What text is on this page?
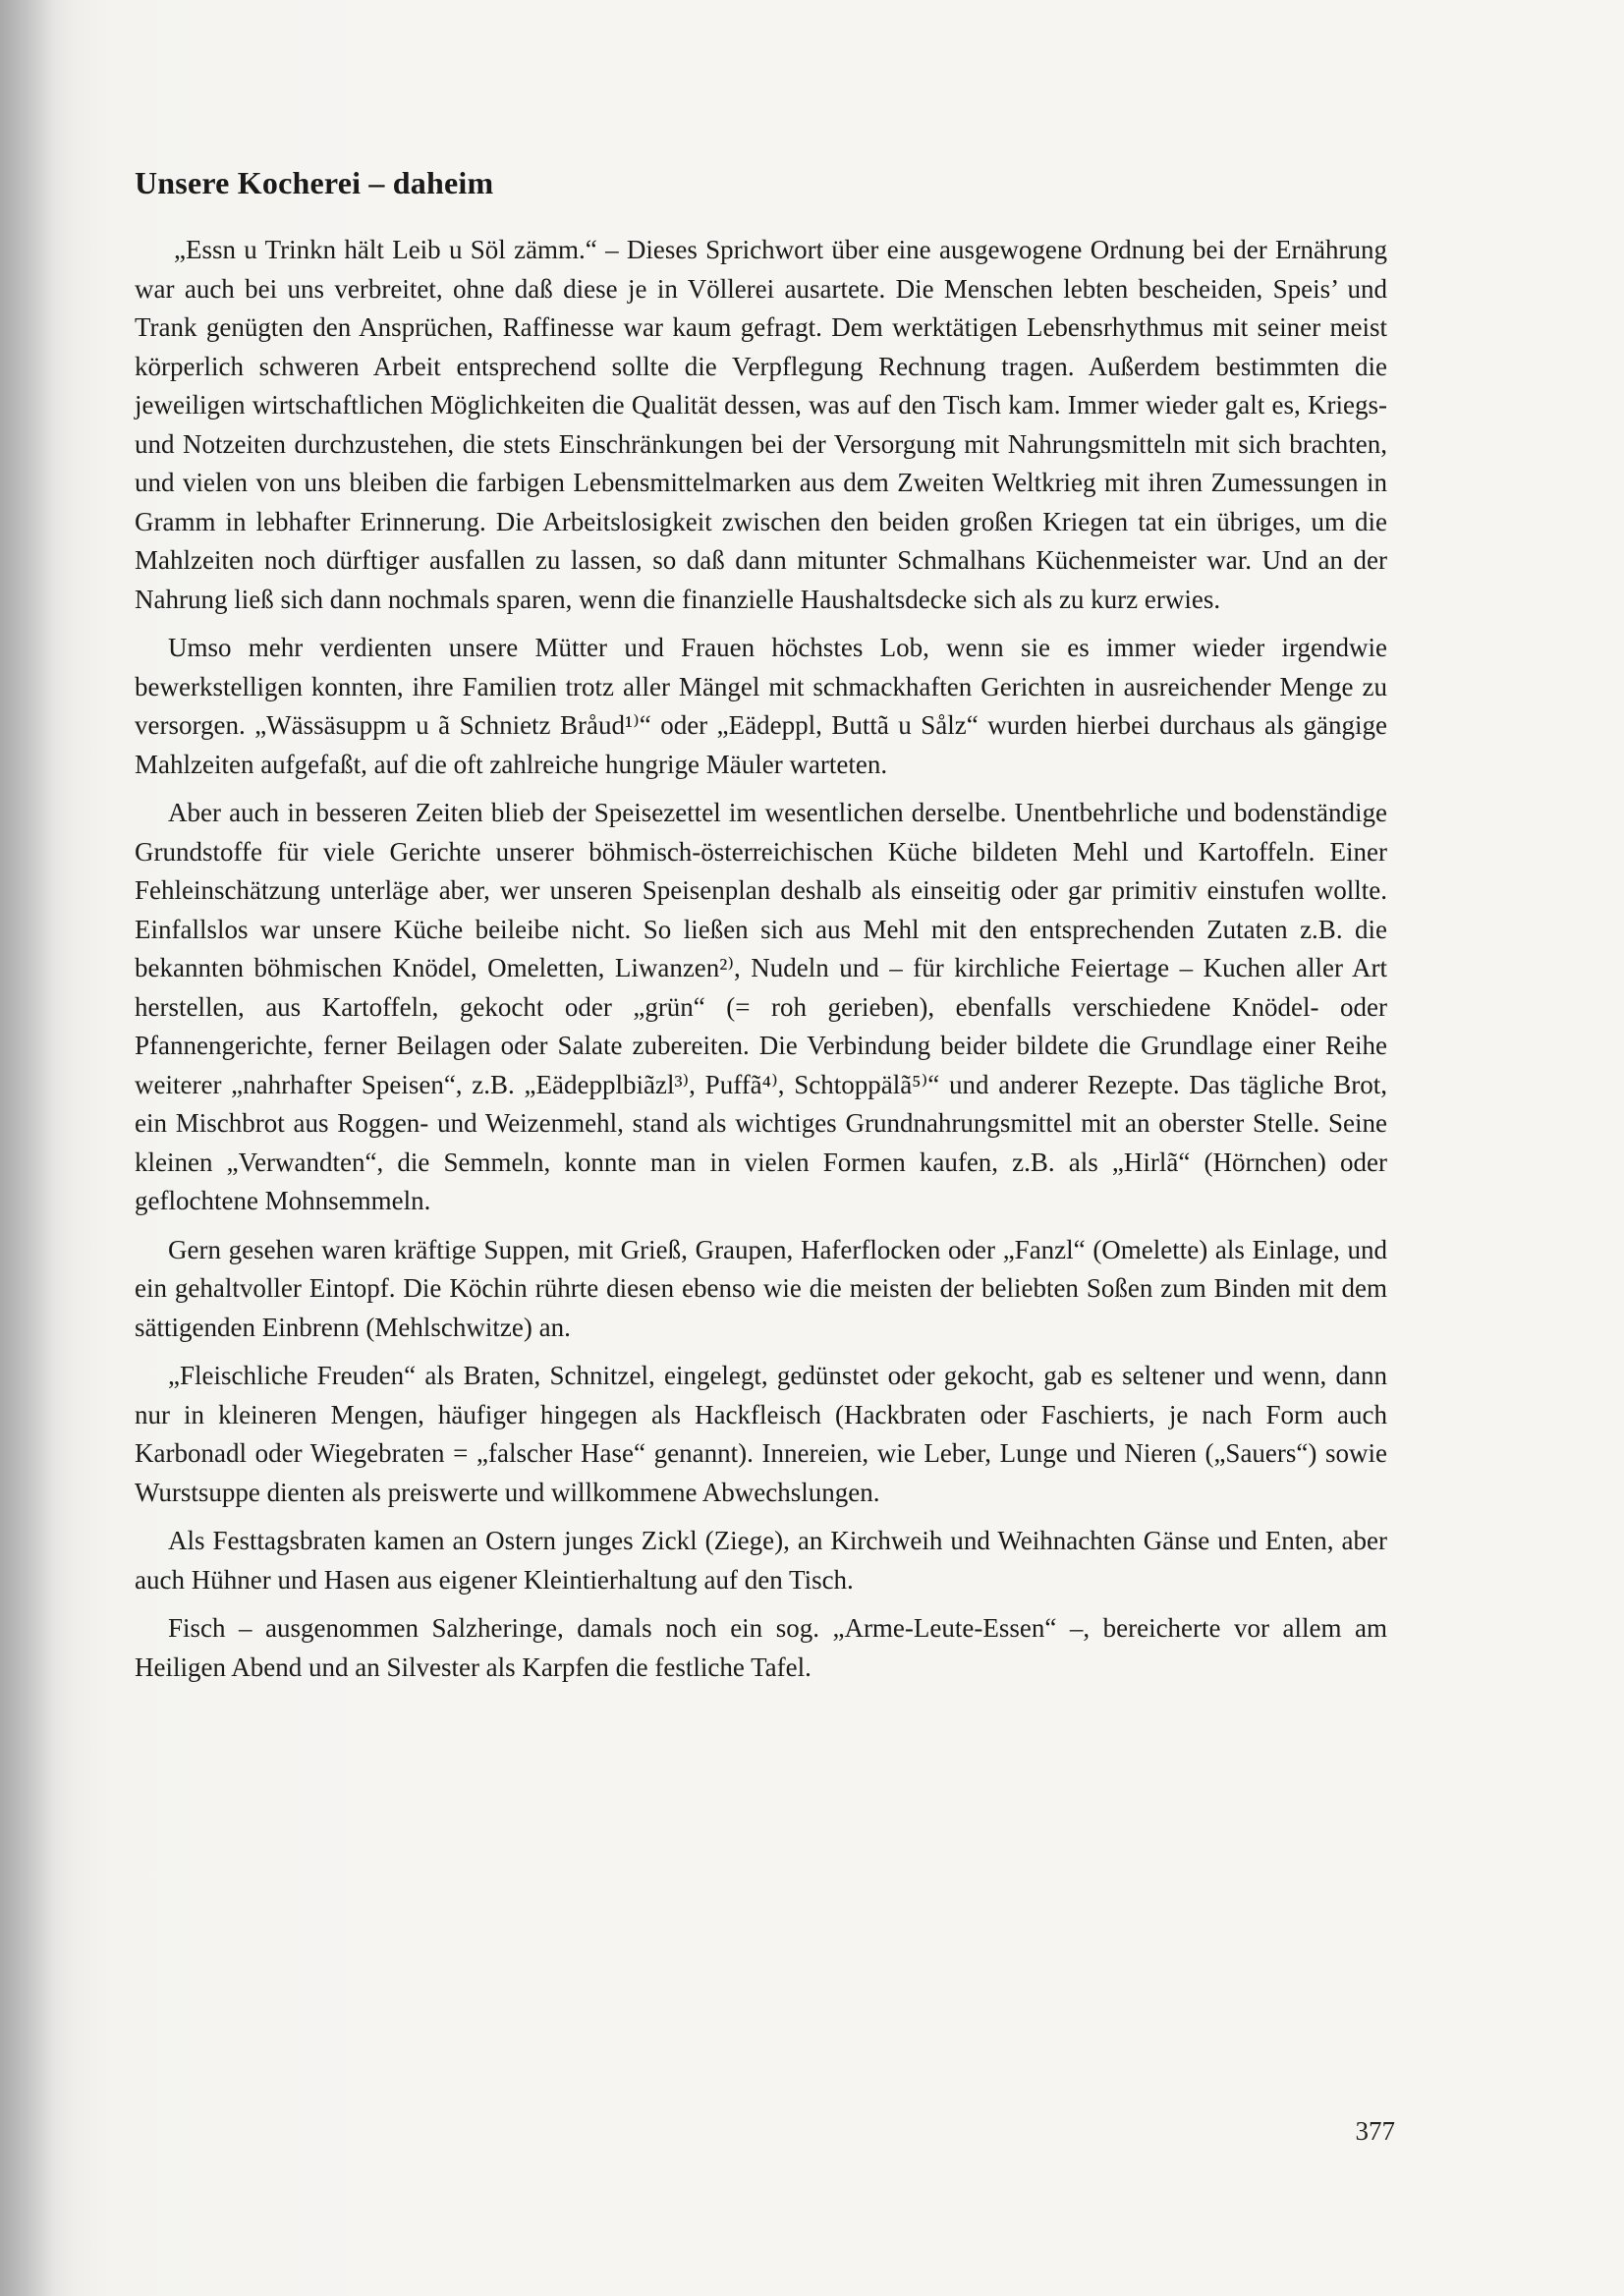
Unsere Kocherei – daheim

„Essn u Trinkn hält Leib u Söl zämm.“ – Dieses Sprichwort über eine ausgewogene Ordnung bei der Ernährung war auch bei uns verbreitet, ohne daß diese je in Völlerei ausartete. Die Menschen lebten bescheiden, Speis’ und Trank genügten den Ansprüchen, Raffinesse war kaum gefragt. Dem werktätigen Lebensrhythmus mit seiner meist körperlich schweren Arbeit entsprechend sollte die Verpflegung Rechnung tragen. Außerdem bestimmten die jeweiligen wirtschaftlichen Möglichkeiten die Qualität dessen, was auf den Tisch kam. Immer wieder galt es, Kriegs- und Notzeiten durchzustehen, die stets Einschränkungen bei der Versorgung mit Nahrungsmitteln mit sich brachten, und vielen von uns bleiben die farbigen Lebensmittelmarken aus dem Zweiten Weltkrieg mit ihren Zumessungen in Gramm in lebhafter Erinnerung. Die Arbeitslosigkeit zwischen den beiden großen Kriegen tat ein übriges, um die Mahlzeiten noch dürftiger ausfallen zu lassen, so daß dann mitunter Schmalhans Küchenmeister war. Und an der Nahrung ließ sich dann nochmals sparen, wenn die finanzielle Haushaltsdecke sich als zu kurz erwies.

Umso mehr verdienten unsere Mütter und Frauen höchstes Lob, wenn sie es immer wieder irgendwie bewerkstelligen konnten, ihre Familien trotz aller Mängel mit schmackhaften Gerichten in ausreichender Menge zu versorgen. „Wässäsuppm u ã Schnietz Bråud¹⁾“ oder „Eädeppl, Buttã u Sålz“ wurden hierbei durchaus als gängige Mahlzeiten aufgefaßt, auf die oft zahlreiche hungrige Mäuler warteten.

Aber auch in besseren Zeiten blieb der Speisezettel im wesentlichen derselbe. Unentbehrliche und bodenständige Grundstoffe für viele Gerichte unserer böhmisch-österreichischen Küche bildeten Mehl und Kartoffeln. Einer Fehleinschätzung unterläge aber, wer unseren Speisenplan deshalb als einseitig oder gar primitiv einstufen wollte. Einfallslos war unsere Küche beileibe nicht. So ließen sich aus Mehl mit den entsprechenden Zutaten z.B. die bekannten böhmischen Knödel, Omeletten, Liwanzen²⁾, Nudeln und – für kirchliche Feiertage – Kuchen aller Art herstellen, aus Kartoffeln, gekocht oder „grün“ (= roh gerieben), ebenfalls verschiedene Knödel- oder Pfannengerichte, ferner Beilagen oder Salate zubereiten. Die Verbindung beider bildete die Grundlage einer Reihe weiterer „nahrhafter Speisen“, z.B. „Eädepplbiãzl³⁾, Puffã⁴⁾, Schtoppälã⁵⁾“ und anderer Rezepte. Das tägliche Brot, ein Mischbrot aus Roggen- und Weizenmehl, stand als wichtiges Grundnahrungsmittel mit an oberster Stelle. Seine kleinen „Verwandten“, die Semmeln, konnte man in vielen Formen kaufen, z.B. als „Hirlã“ (Hörnchen) oder geflochtene Mohnsemmeln.

Gern gesehen waren kräftige Suppen, mit Grieß, Graupen, Haferflocken oder „Fanzl“ (Omelette) als Einlage, und ein gehaltvoller Eintopf. Die Köchin rührte diesen ebenso wie die meisten der beliebten Soßen zum Binden mit dem sättigenden Einbrenn (Mehlschwitze) an.

„Fleischliche Freuden“ als Braten, Schnitzel, eingelegt, gedünstet oder gekocht, gab es seltener und wenn, dann nur in kleineren Mengen, häufiger hingegen als Hackfleisch (Hackbraten oder Faschierts, je nach Form auch Karbonadl oder Wiegebraten = „falscher Hase“ genannt). Innereien, wie Leber, Lunge und Nieren („Sauers“) sowie Wurstsuppe dienten als preiswerte und willkommene Abwechslungen.

Als Festtagsbraten kamen an Ostern junges Zickl (Ziege), an Kirchweih und Weihnachten Gänse und Enten, aber auch Hühner und Hasen aus eigener Kleintierhaltung auf den Tisch.

Fisch – ausgenommen Salzheringe, damals noch ein sog. „Arme-Leute-Essen“ –, bereicherte vor allem am Heiligen Abend und an Silvester als Karpfen die festliche Tafel.

377
